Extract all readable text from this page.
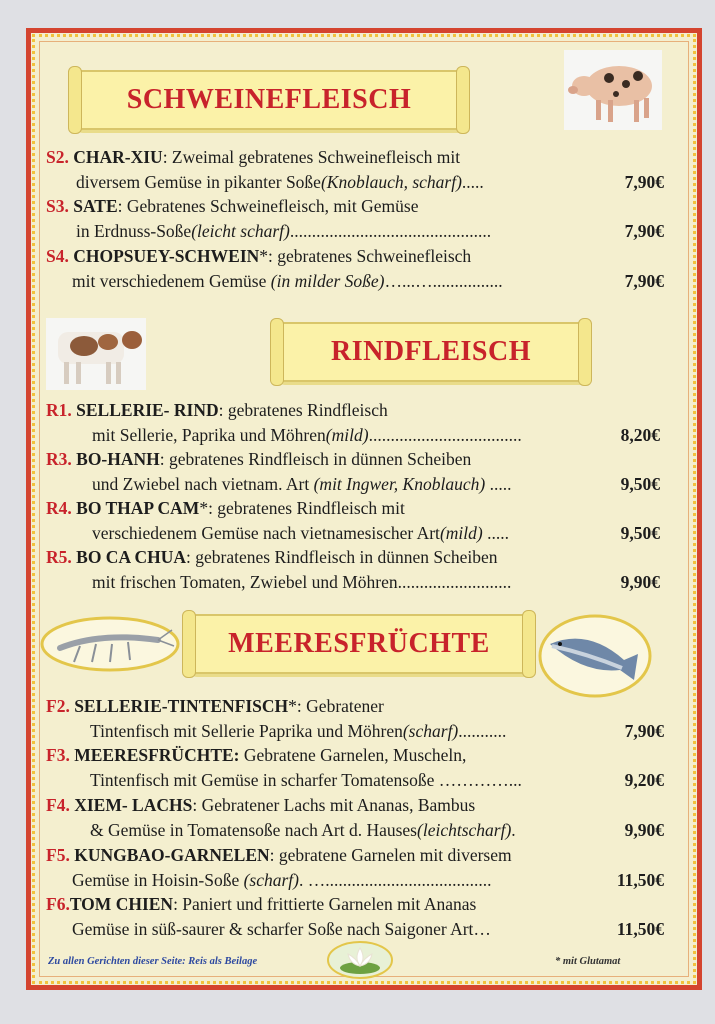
SCHWEINEFLEISCH
S2. CHAR-XIU: Zweimal gebratenes Schweinefleisch mit
diversem Gemüse in pikanter Soße(Knoblauch, scharf).....	7,90€
S3. SATE: Gebratenes Schweinefleisch, mit Gemüse
in Erdnuss-Soße(leicht scharf)..............................................	7,90€
S4. CHOPSUEY-SCHWEIN*: gebratenes Schweinefleisch
mit verschiedenem Gemüse (in milder Soße)…...…................	7,90€
RINDFLEISCH
R1. SELLERIE- RIND: gebratenes Rindfleisch
mit Sellerie, Paprika und Möhren(mild)...................................	8,20€
R3. BO-HANH: gebratenes Rindfleisch in dünnen Scheiben
und Zwiebel nach vietnam. Art (mit Ingwer, Knoblauch) .....	9,50€
R4. BO THAP CAM*: gebratenes Rindfleisch mit
verschiedenem Gemüse nach vietnamesischer Art(mild) .....	9,50€
R5. BO CA CHUA: gebratenes Rindfleisch in dünnen Scheiben
mit frischen Tomaten, Zwiebel und Möhren..........................	9,90€
MEERESFRÜCHTE
F2. SELLERIE-TINTENFISCH*: Gebratener
Tintenfisch mit Sellerie Paprika und Möhren(scharf)...........	7,90€
F3. MEERESFRÜCHTE: Gebratene Garnelen, Muscheln,
Tintenfisch mit Gemüse in scharfer Tomatensoße …………...	9,20€
F4. XIEM- LACHS: Gebratener Lachs mit Ananas, Bambus
& Gemüse in Tomatensoße nach Art d. Hauses(leichtscharf).	9,90€
F5. KUNGBAO-GARNELEN: gebratene Garnelen mit diversem
Gemüse in Hoisin-Soße (scharf). …......................................	11,50€
F6.TOM CHIEN: Paniert und frittierte Garnelen mit Ananas
Gemüse in süß-saurer & scharfer Soße nach Saigoner Art…	11,50€
Zu allen Gerichten dieser Seite: Reis als Beilage	* mit Glutamat
